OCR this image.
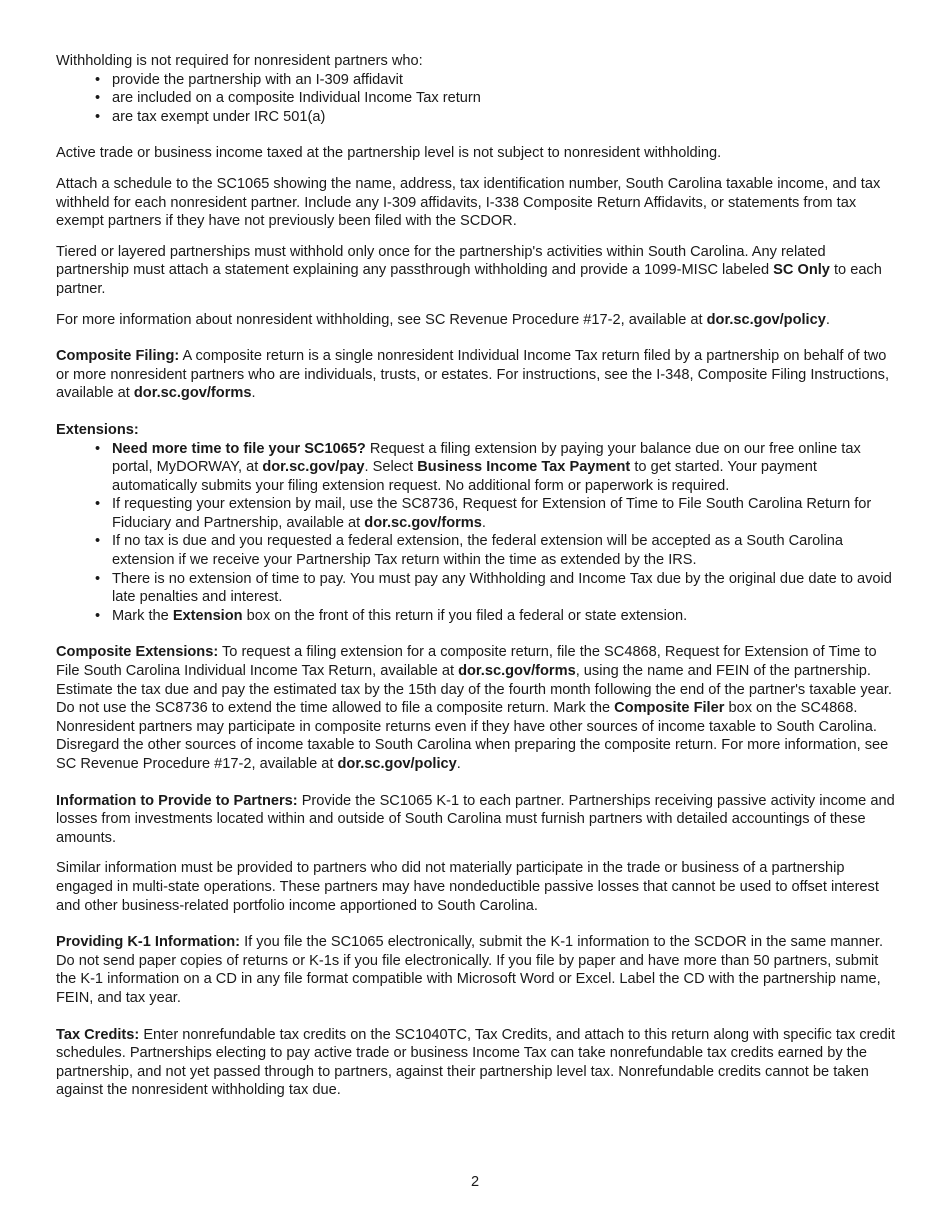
Withholding is not required for nonresident partners who:

• provide the partnership with an I-309 affidavit
• are included on a composite Individual Income Tax return
• are tax exempt under IRC 501(a)

Active trade or business income taxed at the partnership level is not subject to nonresident withholding.

Attach a schedule to the SC1065 showing the name, address, tax identification number, South Carolina taxable income, and tax withheld for each nonresident partner. Include any I-309 affidavits, I-338 Composite Return Affidavits, or statements from tax exempt partners if they have not previously been filed with the SCDOR.

Tiered or layered partnerships must withhold only once for the partnership's activities within South Carolina. Any related partnership must attach a statement explaining any passthrough withholding and provide a 1099-MISC labeled SC Only to each partner.

For more information about nonresident withholding, see SC Revenue Procedure #17-2, available at dor.sc.gov/policy.

Composite Filing: A composite return is a single nonresident Individual Income Tax return filed by a partnership on behalf of two or more nonresident partners who are individuals, trusts, or estates. For instructions, see the I-348, Composite Filing Instructions, available at dor.sc.gov/forms.

Extensions:

• Need more time to file your SC1065? Request a filing extension by paying your balance due on our free online tax portal, MyDORWAY, at dor.sc.gov/pay. Select Business Income Tax Payment to get started. Your payment automatically submits your filing extension request. No additional form or paperwork is required.
• If requesting your extension by mail, use the SC8736, Request for Extension of Time to File South Carolina Return for Fiduciary and Partnership, available at dor.sc.gov/forms.
• If no tax is due and you requested a federal extension, the federal extension will be accepted as a South Carolina extension if we receive your Partnership Tax return within the time as extended by the IRS.
• There is no extension of time to pay. You must pay any Withholding and Income Tax due by the original due date to avoid late penalties and interest.
• Mark the Extension box on the front of this return if you filed a federal or state extension.

Composite Extensions: To request a filing extension for a composite return, file the SC4868, Request for Extension of Time to File South Carolina Individual Income Tax Return, available at dor.sc.gov/forms, using the name and FEIN of the partnership. Estimate the tax due and pay the estimated tax by the 15th day of the fourth month following the end of the partner's taxable year. Do not use the SC8736 to extend the time allowed to file a composite return. Mark the Composite Filer box on the SC4868. Nonresident partners may participate in composite returns even if they have other sources of income taxable to South Carolina. Disregard the other sources of income taxable to South Carolina when preparing the composite return. For more information, see SC Revenue Procedure #17-2, available at dor.sc.gov/policy.

Information to Provide to Partners: Provide the SC1065 K-1 to each partner. Partnerships receiving passive activity income and losses from investments located within and outside of South Carolina must furnish partners with detailed accountings of these amounts.

Similar information must be provided to partners who did not materially participate in the trade or business of a partnership engaged in multi-state operations. These partners may have nondeductible passive losses that cannot be used to offset interest and other business-related portfolio income apportioned to South Carolina.

Providing K-1 Information: If you file the SC1065 electronically, submit the K-1 information to the SCDOR in the same manner. Do not send paper copies of returns or K-1s if you file electronically. If you file by paper and have more than 50 partners, submit the K-1 information on a CD in any file format compatible with Microsoft Word or Excel. Label the CD with the partnership name, FEIN, and tax year.

Tax Credits: Enter nonrefundable tax credits on the SC1040TC, Tax Credits, and attach to this return along with specific tax credit schedules. Partnerships electing to pay active trade or business Income Tax can take nonrefundable tax credits earned by the partnership, and not yet passed through to partners, against their partnership level tax. Nonrefundable credits cannot be taken against the nonresident withholding tax due.

2
